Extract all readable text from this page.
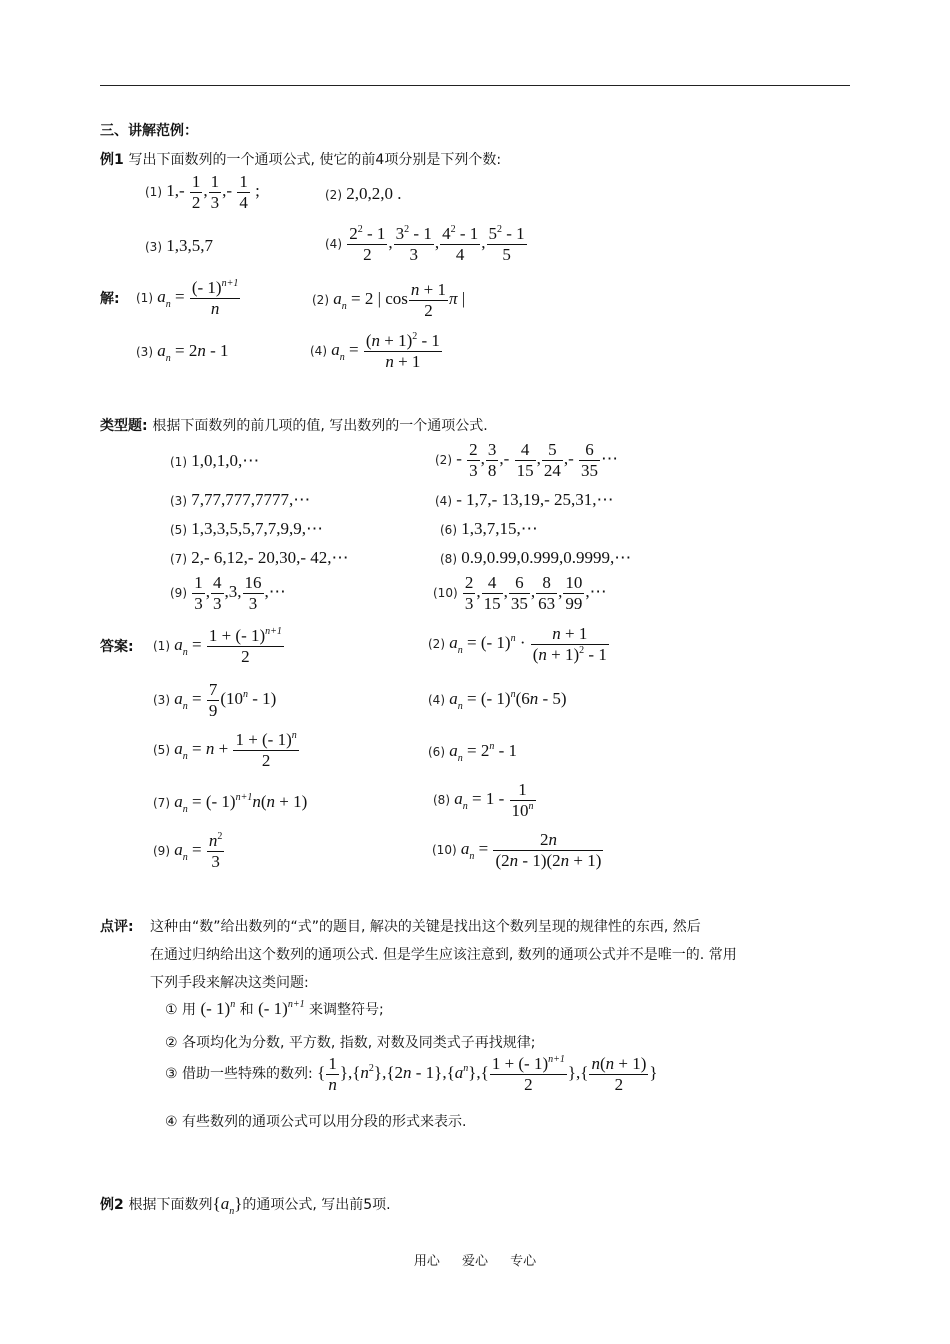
三、讲解范例：
例1 写出下面数列的一个通项公式, 使它的前4项分别是下列个数:
(1) $1,- \frac{1}{2}$ , $\frac{1}{3}$ ,- $\frac{1}{4}$ ;	(2) 2,0,2,0 .
(3) 1,3,5,7	$(4) \frac{2^2 - 1}{2}$ , $\frac{3^2 - 1}{3}$ , $\frac{4^2 - 1}{4}$ , $\frac{5^2 - 1}{5}$
解: (1) $a_n = \frac{(- 1)^{n+1}}{n}$	(2) $a_n = 2$ | $\cos \frac{n + 1}{2}$ π |
(3) $a_n = 2n - 1$	(4) $a_n = \frac{(n + 1)^2 - 1}{n + 1}$
类型题: 根据下面数列的前几项的值, 写出数列的一个通项公式.
(1) 1,0,1,0,⋯	$(2) - \frac{2}{3}$ , $\frac{3}{8}$ ,- $\frac{4}{15}$ , $\frac{5}{24}$ ,- $\frac{6}{35}$ ⋯
(3) 7,77,777,7777,⋯	(4) - 1,7,- 13,19,- 25,31,⋯
(5) 1,3,3,5,5,7,7,9,9,⋯	(6) 1,3,7,15,⋯
(7) 2,- 6,12,- 20,30,- 42,⋯	(8) 0.9,0.99,0.999,0.9999,⋯
$(9) \frac{1}{3}$ , $\frac{4}{3} ,3$, $\frac{16}{3}$ ,⋯	$(10) \frac{2}{3}$ , $\frac{4}{15}$ , $\frac{6}{35}$ , $\frac{8}{63}$ , $\frac{10}{99}$ ,⋯
答案: (1) $a_n = \frac{1 + (- 1)^{n+1}}{2}$	(2) $a_n$ = (- $1)^n \cdot \frac{n + 1}{(n + 1)^2 - 1}$
(3) $a_n = \frac{7}{9} (10^n - 1)$	(4) $a_n$ = (- 1)$^n$(6n - 5)
(5) $a_n = n + \frac{1 + (- 1)^n}{2}$	(6) $a_n = 2^n - 1$
(7) $a_n$ = (- 1)$^{n+1}$n(n + 1)	(8) $a_n = 1 - \frac{1}{10^n}$
(9) $a_n = \frac{n^2}{3}$	(10) $a_n = \frac{2n}{(2n - 1)(2n + 1)}$
点评: 这种由“数”给出数列的“式”的题目, 解决的关键是找出这个数列呈现的规律性的东西, 然后
在通过归纳给出这个数列的通项公式. 但是学生应该注意到, 数列的通项公式并不是唯一的. 常用
下列手段来解决这类问题:
① 用 (- 1)$^n$ 和 (- 1)$^{n+1}$ 来调整符号;
② 各项均化为分数, 平方数, 指数, 对数及同类式子再找规律;
③ 借助一些特殊的数列: { $\frac{1}{n} \},\{n^2\},\{2n - 1\},\{a^n\},\{ \frac{1 + (- 1)^{n+1}}{2}$ },{ $\frac{n(n + 1)}{2}$ }
④ 有些数列的通项公式可以用分段的形式来表示.
例2 根据下面数列$\{a_n\}$的通项公式, 写出前5项.
用心 爱心 专心
